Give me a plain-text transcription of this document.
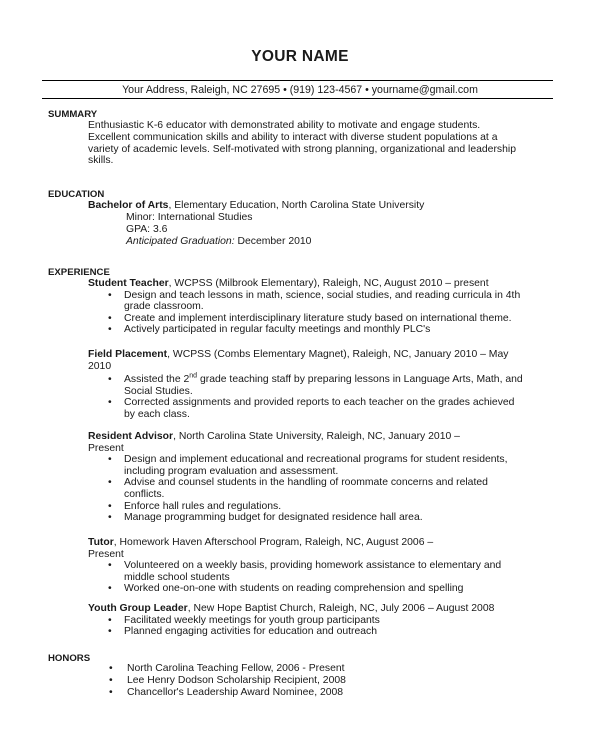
YOUR NAME
Your Address, Raleigh, NC 27695 • (919) 123-4567 • yourname@gmail.com
SUMMARY
Enthusiastic K-6 educator with demonstrated ability to motivate and engage students.
Excellent communication skills and ability to interact with diverse student populations at a
variety of academic levels. Self-motivated with strong planning, organizational and leadership
skills.
EDUCATION
Bachelor of Arts, Elementary Education, North Carolina State University
Minor: International Studies
GPA: 3.6
Anticipated Graduation: December 2010
EXPERIENCE
Student Teacher, WCPSS (Milbrook Elementary), Raleigh, NC, August 2010 – present
• Design and teach lessons in math, science, social studies, and reading curricula in 4th
grade classroom.
• Create and implement interdisciplinary literature study based on international theme.
• Actively participated in regular faculty meetings and monthly PLC's
Field Placement, WCPSS (Combs Elementary Magnet), Raleigh, NC, January 2010 – May
2010
• Assisted the 2nd grade teaching staff by preparing lessons in Language Arts, Math, and
Social Studies.
• Corrected assignments and provided reports to each teacher on the grades achieved
by each class.
Resident Advisor, North Carolina State University, Raleigh, NC, January 2010 –
Present
• Design and implement educational and recreational programs for student residents,
including program evaluation and assessment.
• Advise and counsel students in the handling of roommate concerns and related
conflicts.
• Enforce hall rules and regulations.
• Manage programming budget for designated residence hall area.
Tutor, Homework Haven Afterschool Program, Raleigh, NC, August 2006 –
Present
• Volunteered on a weekly basis, providing homework assistance to elementary and
middle school students
• Worked one-on-one with students on reading comprehension and spelling
Youth Group Leader, New Hope Baptist Church, Raleigh, NC, July 2006 – August 2008
• Facilitated weekly meetings for youth group participants
• Planned engaging activities for education and outreach
HONORS
• North Carolina Teaching Fellow, 2006 - Present
• Lee Henry Dodson Scholarship Recipient, 2008
• Chancellor's Leadership Award Nominee, 2008
